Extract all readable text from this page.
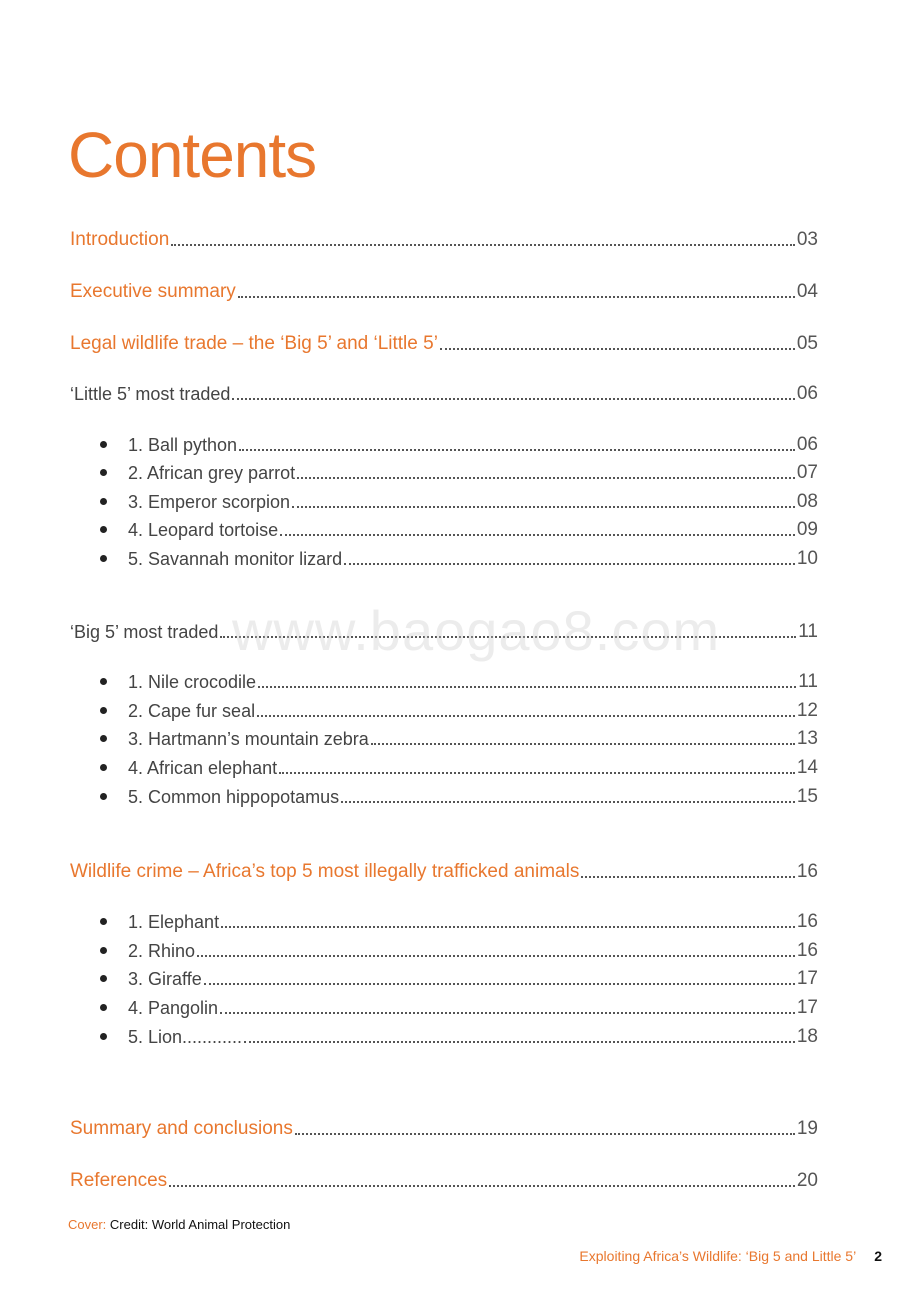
Contents
Introduction	03
Executive summary	04
Legal wildlife trade – the ‘Big 5’ and ‘Little 5’	05
‘Little 5’ most traded	06
1. Ball python	06
2. African grey parrot	07
3. Emperor scorpion	08
4. Leopard tortoise	09
5. Savannah monitor lizard	10
‘Big 5’ most traded	11
1. Nile crocodile	11
2. Cape fur seal	12
3. Hartmann’s mountain zebra	13
4. African elephant	14
5. Common hippopotamus	15
Wildlife crime – Africa’s top 5 most illegally trafficked animals	16
1. Elephant	16
2. Rhino	16
3. Giraffe	17
4. Pangolin	17
5. Lion............	18
Summary and conclusions	19
References	20
www.baogao8.com
Cover: Credit: World Animal Protection
Exploiting Africa’s Wildlife: ‘Big 5 and Little 5’ 2
